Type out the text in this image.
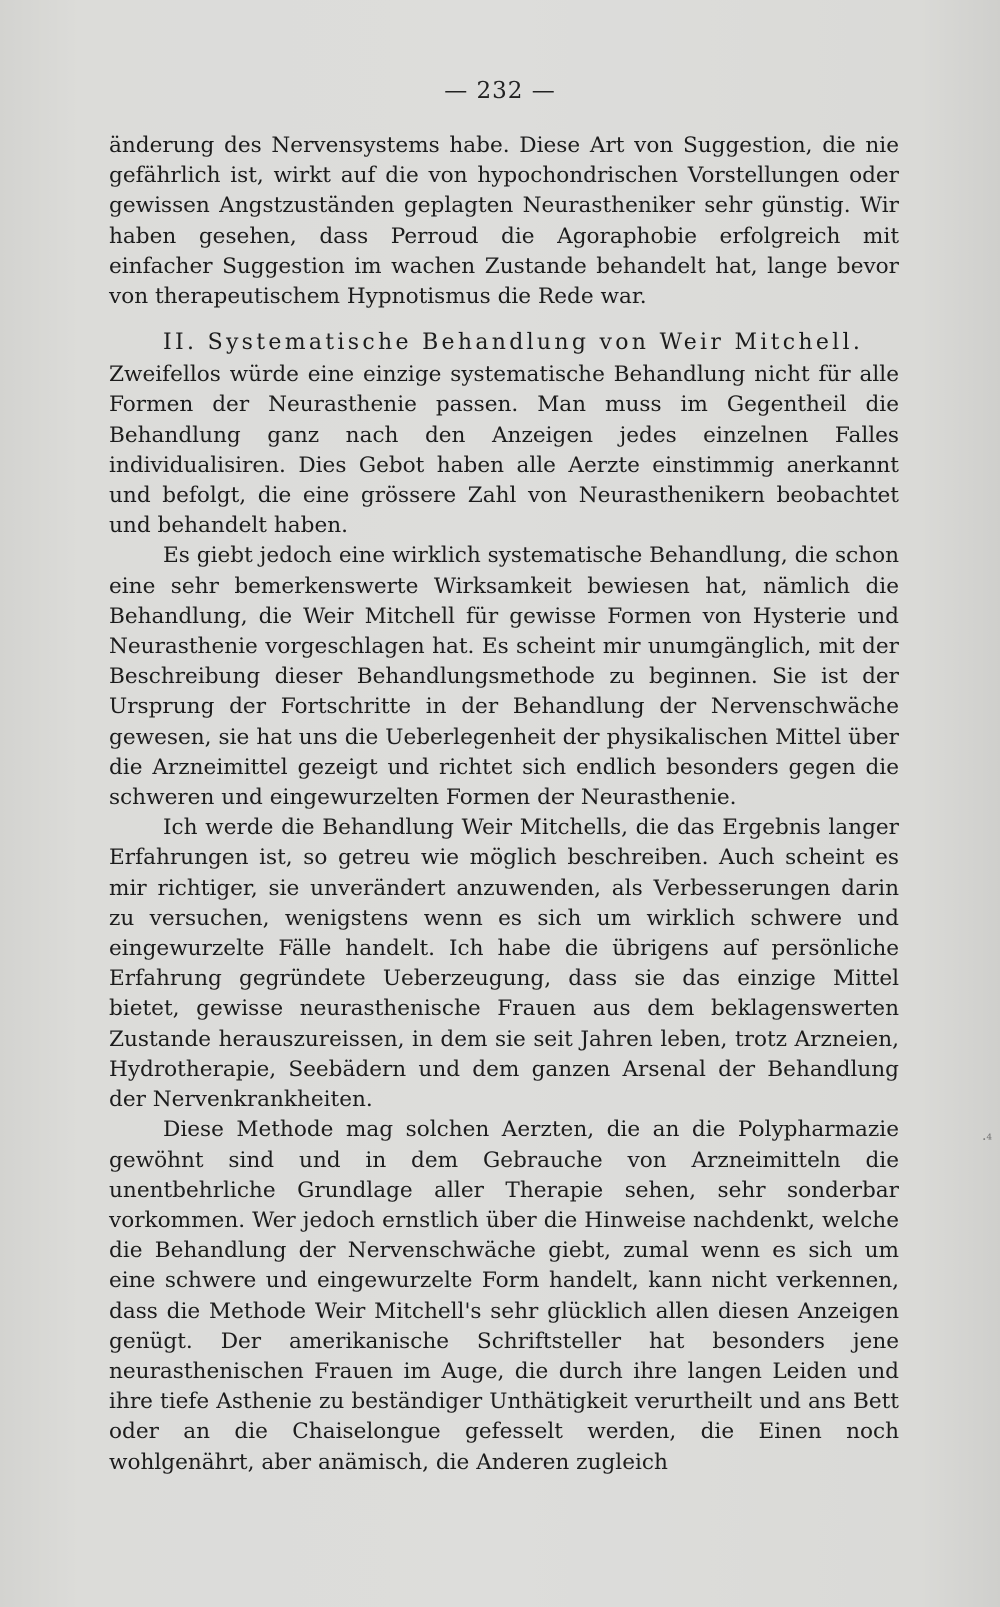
— 232 —

änderung des Nervensystems habe. Diese Art von Suggestion, die nie gefährlich ist, wirkt auf die von hypochondrischen Vorstellungen oder gewissen Angstzuständen geplagten Neurastheniker sehr günstig. Wir haben gesehen, dass Perroud die Agoraphobie erfolgreich mit einfacher Suggestion im wachen Zustande behandelt hat, lange bevor von therapeutischem Hypnotismus die Rede war.

II. Systematische Behandlung von Weir Mitchell.

Zweifellos würde eine einzige systematische Behandlung nicht für alle Formen der Neurasthenie passen. Man muss im Gegentheil die Behandlung ganz nach den Anzeigen jedes einzelnen Falles individualisiren. Dies Gebot haben alle Aerzte einstimmig anerkannt und befolgt, die eine grössere Zahl von Neurasthenikern beobachtet und behandelt haben.

Es giebt jedoch eine wirklich systematische Behandlung, die schon eine sehr bemerkenswerte Wirksamkeit bewiesen hat, nämlich die Behandlung, die Weir Mitchell für gewisse Formen von Hysterie und Neurasthenie vorgeschlagen hat. Es scheint mir unumgänglich, mit der Beschreibung dieser Behandlungsmethode zu beginnen. Sie ist der Ursprung der Fortschritte in der Behandlung der Nervenschwäche gewesen, sie hat uns die Ueberlegenheit der physikalischen Mittel über die Arzneimittel gezeigt und richtet sich endlich besonders gegen die schweren und eingewurzelten Formen der Neurasthenie.

Ich werde die Behandlung Weir Mitchells, die das Ergebnis langer Erfahrungen ist, so getreu wie möglich beschreiben. Auch scheint es mir richtiger, sie unverändert anzuwenden, als Verbesserungen darin zu versuchen, wenigstens wenn es sich um wirklich schwere und eingewurzelte Fälle handelt. Ich habe die übrigens auf persönliche Erfahrung gegründete Ueberzeugung, dass sie das einzige Mittel bietet, gewisse neurasthenische Frauen aus dem beklagenswerten Zustande herauszureissen, in dem sie seit Jahren leben, trotz Arzneien, Hydrotherapie, Seebädern und dem ganzen Arsenal der Behandlung der Nervenkrankheiten.

Diese Methode mag solchen Aerzten, die an die Polypharmazie gewöhnt sind und in dem Gebrauche von Arzneimitteln die unentbehrliche Grundlage aller Therapie sehen, sehr sonderbar vorkommen. Wer jedoch ernstlich über die Hinweise nachdenkt, welche die Behandlung der Nervenschwäche giebt, zumal wenn es sich um eine schwere und eingewurzelte Form handelt, kann nicht verkennen, dass die Methode Weir Mitchell's sehr glücklich allen diesen Anzeigen genügt. Der amerikanische Schriftsteller hat besonders jene neurasthenischen Frauen im Auge, die durch ihre langen Leiden und ihre tiefe Asthenie zu beständiger Unthätigkeit verurtheilt und ans Bett oder an die Chaiselongue gefesselt werden, die Einen noch wohlgenährt, aber anämisch, die Anderen zugleich

·⁴
